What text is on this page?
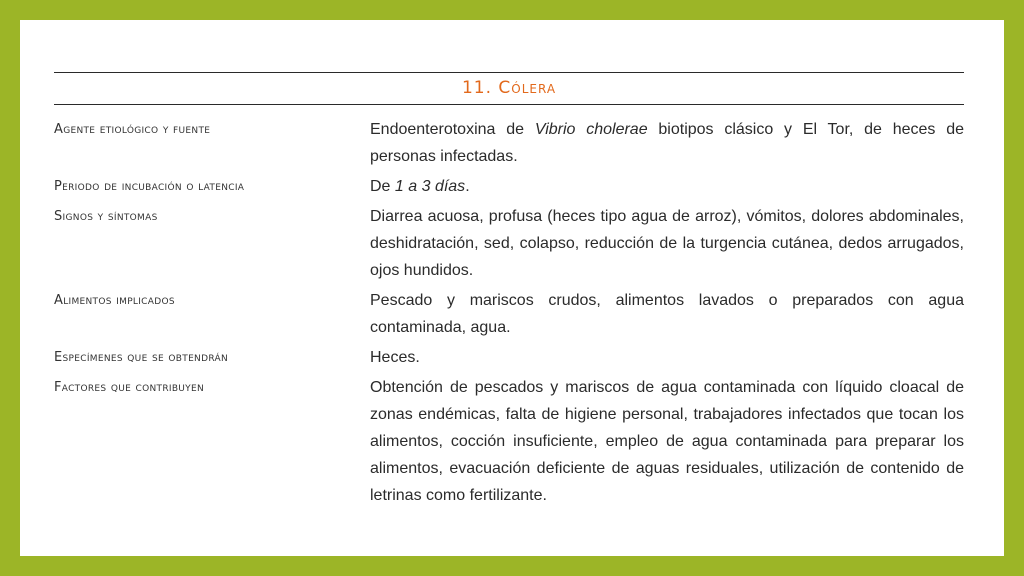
11. Cólera
Agente etiológico y fuente	Endoenterotoxina de Vibrio cholerae biotipos clásico y El Tor, de heces de personas infectadas.
Periodo de incubación o latencia	De 1 a 3 días.
Signos y síntomas	Diarrea acuosa, profusa (heces tipo agua de arroz), vómitos, dolores abdominales, deshidratación, sed, colapso, reducción de la turgencia cutánea, dedos arrugados, ojos hundidos.
Alimentos implicados	Pescado y mariscos crudos, alimentos lavados o preparados con agua contaminada, agua.
Especímenes que se obtendrán	Heces.
Factores que contribuyen	Obtención de pescados y mariscos de agua contaminada con líquido cloacal de zonas endémicas, falta de higiene personal, trabajadores infectados que tocan los alimentos, cocción insuficiente, empleo de agua contaminada para preparar los alimentos, evacuación deficiente de aguas residuales, utilización de contenido de letrinas como fertilizante.
